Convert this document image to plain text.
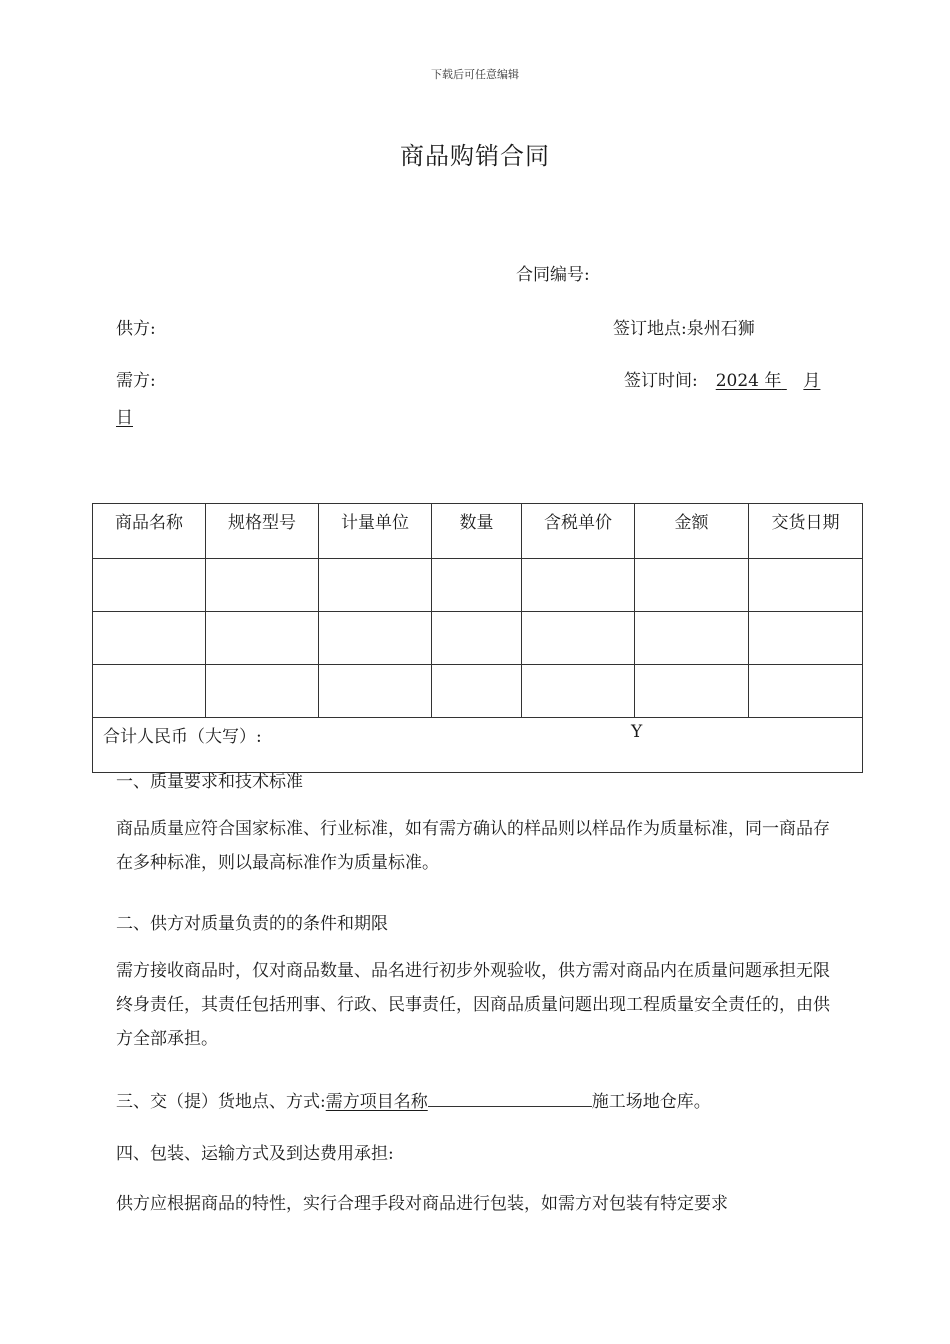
下载后可任意编辑
商品购销合同
合同编号:
供方:	签订地点:泉州石狮
需方:	签订时间: 2024 年 月
日
商品名称	规格型号	计量单位	数量	含税单价	金额	交货日期

合计人民币（大写）: Y						
一、质量要求和技术标准
商品质量应符合国家标准、行业标准，如有需方确认的样品则以样品作为质量标准，同一商品存在多种标准，则以最高标准作为质量标准。
二、供方对质量负责的的条件和期限
需方接收商品时，仅对商品数量、品名进行初步外观验收，供方需对商品内在质量问题承担无限终身责任，其责任包括刑事、行政、民事责任，因商品质量问题出现工程质量安全责任的，由供方全部承担。
三、交（提）货地点、方式:需方项目名称	施工场地仓库。
四、包装、运输方式及到达费用承担:
供方应根据商品的特性，实行合理手段对商品进行包装，如需方对包装有特定要求
